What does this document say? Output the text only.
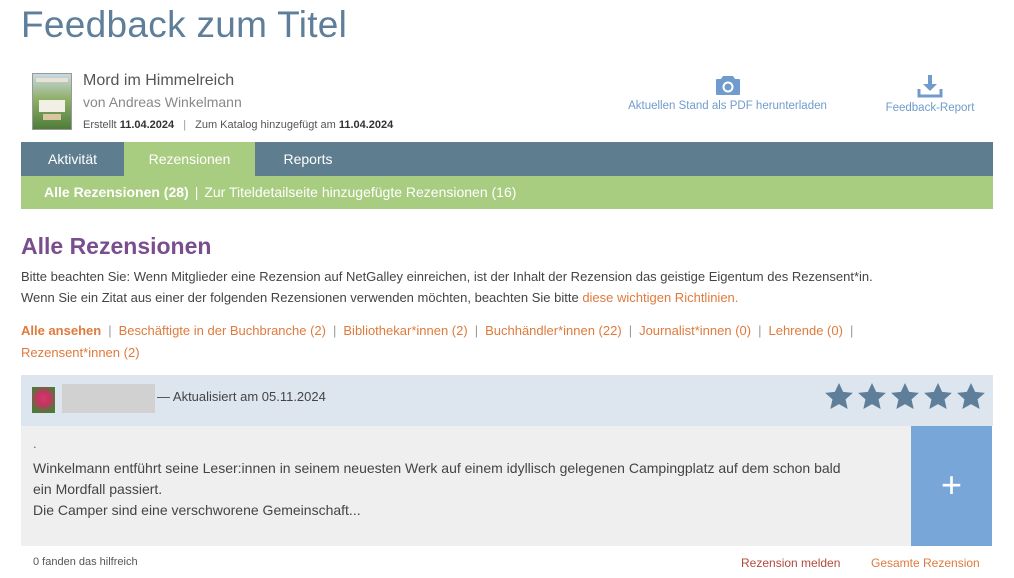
Feedback zum Titel
Mord im Himmelreich
von Andreas Winkelmann
Erstellt 11.04.2024 | Zum Katalog hinzugefügt am 11.04.2024
Aktuellen Stand als PDF herunterladen	Feedback-Report
Aktivität	Rezensionen	Reports
Alle Rezensionen (28) | Zur Titeldetailseite hinzugefügte Rezensionen (16)
Alle Rezensionen
Bitte beachten Sie: Wenn Mitglieder eine Rezension auf NetGalley einreichen, ist der Inhalt der Rezension das geistige Eigentum des Rezensent*in.
Wenn Sie ein Zitat aus einer der folgenden Rezensionen verwenden möchten, beachten Sie bitte diese wichtigen Richtlinien.
Alle ansehen | Beschäftigte in der Buchbranche (2) | Bibliothekar*innen (2) | Buchhändler*innen (22) | Journalist*innen (0) | Lehrende (0) |
Rezensent*innen (2)
— Aktualisiert am 05.11.2024
.
Winkelmann entführt seine Leser:innen in seinem neuesten Werk auf einem idyllisch gelegenen Campingplatz auf dem schon bald
ein Mordfall passiert.
Die Camper sind eine verschworene Gemeinschaft...
+
0 fanden das hilfreich	Rezension melden	Gesamte Rezension
